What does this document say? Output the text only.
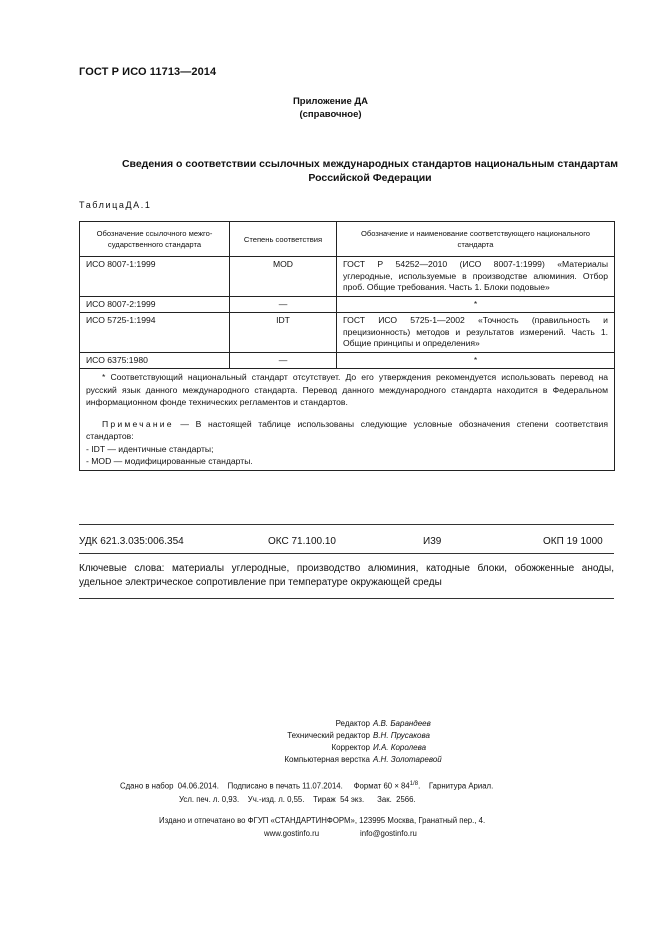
ГОСТ Р ИСО 11713—2014
Приложение ДА
(справочное)
Сведения о соответствии ссылочных международных стандартов национальным стандартам
Российской Федерации
ТаблицаДА.1
Обозначение ссылочного межго-сударственного стандарта	Степень соответствия	Обозначение и наименование соответствующего национального стандарта
ИСО 8007-1:1999	MOD	ГОСТ Р 54252—2010 (ИСО 8007-1:1999) «Материалы углеродные, используемые в производстве алюминия. Отбор проб. Общие требования. Часть 1. Блоки подовые»
ИСО 8007-2:1999	—	*
ИСО 5725-1:1994	IDT	ГОСТ ИСО 5725-1—2002 «Точность (правильность и прецизионность) методов и результатов измерений. Часть 1. Общие принципы и определения»
ИСО 6375:1980	—	*

* Соответствующий национальный стандарт отсутствует. До его утверждения рекомендуется использовать перевод на русский язык данного международного стандарта. Перевод данного международного стандарта находится в Федеральном информационном фонде технических регламентов и стандартов.

Примечание — В настоящей таблице использованы следующие условные обозначения степени соответствия стандартов:

- IDT — идентичные стандарты;
- MOD — модифицированные стандарты.		
УДК 621.3.035:006.354	ОКС 71.100.10	И39	ОКП 19 1000
Ключевые слова: материалы углеродные, производство алюминия, катодные блоки, обожженные аноды, удельное электрическое сопротивление при температуре окружающей среды
Редактор А.В. Барандеев
Технический редактор В.Н. Прусакова
Корректор И.А. Королева
Компьютерная верстка А.Н. Золотаревой
Сдано в набор  04.06.2014.    Подписано в печать 11.07.2014.     Формат $60 \times 84^{1/8}$.    Гарнитура Ариал.
Усл. печ. л. 0,93.    Уч.-изд. л. 0,55.    Тираж  54 экз.      Зак.  2566.
Издано и отпечатано во ФГУП «СТАНДАРТИНФОРМ», 123995 Москва, Гранатный пер., 4.
www.gostinfo.ru	info@gostinfo.ru
